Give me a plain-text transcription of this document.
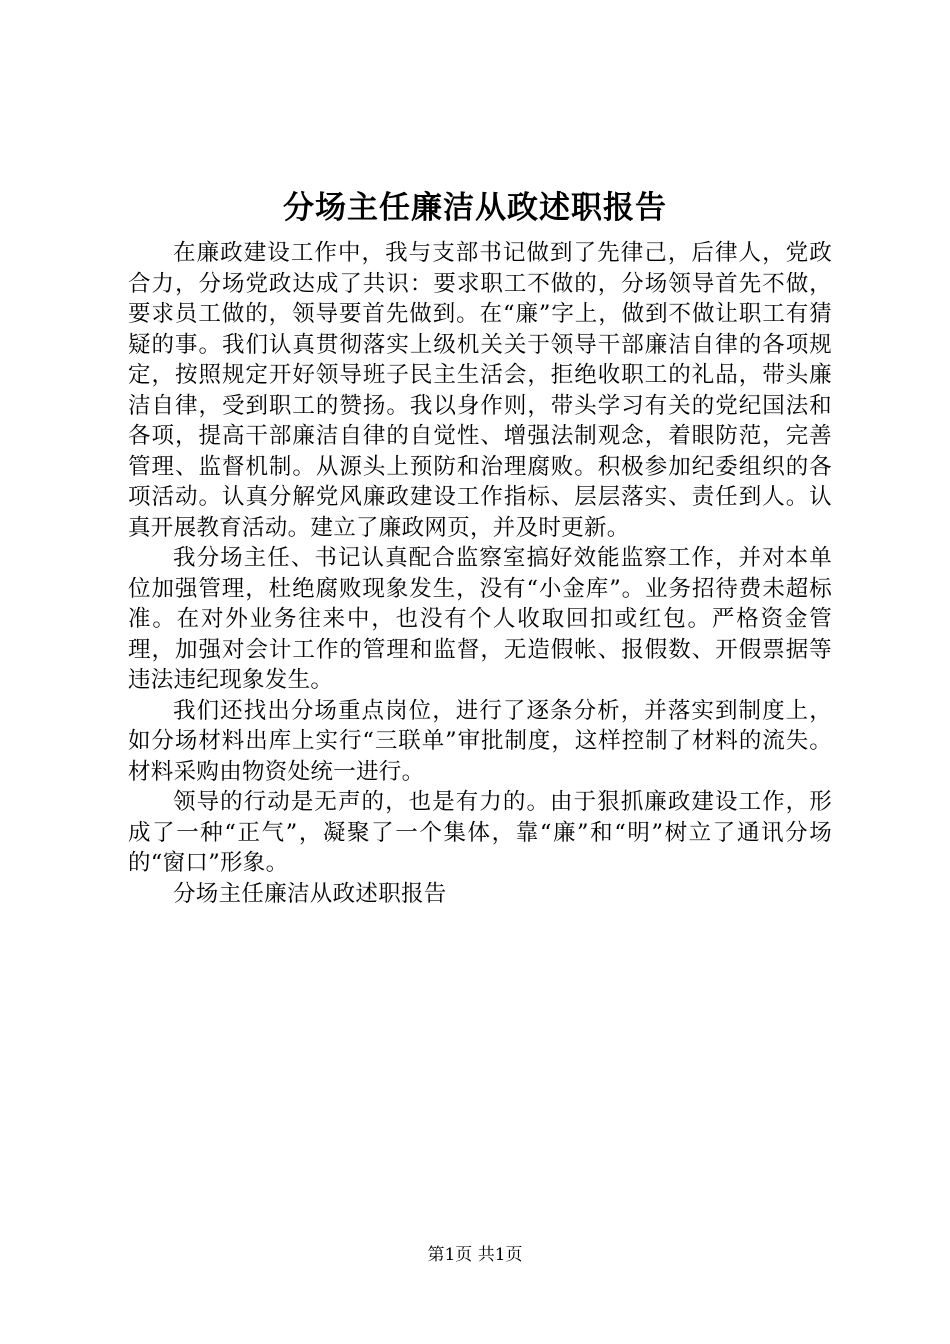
分场主任廉洁从政述职报告

在廉政建设工作中，我与支部书记做到了先律己，后律人，党政合力，分场党政达成了共识：要求职工不做的，分场领导首先不做，要求员工做的，领导要首先做到。在“廉”字上，做到不做让职工有猜疑的事。我们认真贯彻落实上级机关关于领导干部廉洁自律的各项规定，按照规定开好领导班子民主生活会，拒绝收职工的礼品，带头廉洁自律，受到职工的赞扬。我以身作则，带头学习有关的党纪国法和各项，提高干部廉洁自律的自觉性、增强法制观念，着眼防范，完善管理、监督机制。从源头上预防和治理腐败。积极参加纪委组织的各项活动。认真分解党风廉政建设工作指标、层层落实、责任到人。认真开展教育活动。建立了廉政网页，并及时更新。

我分场主任、书记认真配合监察室搞好效能监察工作，并对本单位加强管理，杜绝腐败现象发生，没有“小金库”。业务招待费未超标准。在对外业务往来中，也没有个人收取回扣或红包。严格资金管理，加强对会计工作的管理和监督，无造假帐、报假数、开假票据等违法违纪现象发生。

我们还找出分场重点岗位，进行了逐条分析，并落实到制度上，如分场材料出库上实行“三联单”审批制度，这样控制了材料的流失。材料采购由物资处统一进行。

领导的行动是无声的，也是有力的。由于狠抓廉政建设工作，形成了一种“正气”，凝聚了一个集体，靠“廉”和“明”树立了通讯分场的“窗口”形象。

分场主任廉洁从政述职报告

第1页 共1页
